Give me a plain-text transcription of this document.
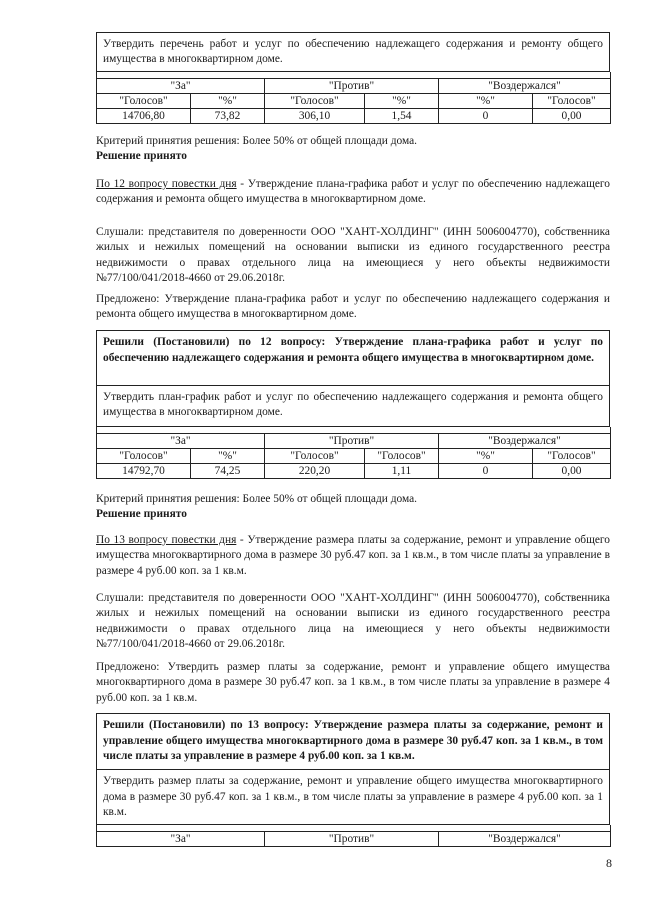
Утвердить перечень работ и услуг по обеспечению надлежащего содержания и ремонту общего имущества в многоквартирном доме.

"За"		"Против"		"Воздержался"	
"Голосов"	"%"	"Голосов"	"%"	"%"	"Голосов"
14706,80	73,82	306,10	1,54	0	0,00

Критерий принятия решения: Более 50% от общей площади дома.

Решение принято

По 12 вопросу повестки дня - Утверждение плана-графика работ и услуг по обеспечению надлежащего содержания и ремонта общего имущества в многоквартирном доме.

Слушали: представителя по доверенности ООО "ХАНТ-ХОЛДИНГ" (ИНН 5006004770), собственника жилых и нежилых помещений на основании выписки из единого государственного реестра недвижимости о правах отдельного лица на имеющиеся у него объекты недвижимости №77/100/041/2018-4660 от 29.06.2018г.

Предложено: Утверждение плана-графика работ и услуг по обеспечению надлежащего содержания и ремонта общего имущества в многоквартирном доме.

Решили (Постановили) по 12 вопросу: Утверждение плана-графика работ и услуг по обеспечению надлежащего содержания и ремонта общего имущества в многоквартирном доме.
Утвердить план-график работ и услуг по обеспечению надлежащего содержания и ремонта общего имущества в многоквартирном доме.

"За"		"Против"		"Воздержался"	
"Голосов"	"%"	"Голосов"	"Голосов"	"%"	"Голосов"
14792,70	74,25	220,20	1,11	0	0,00

Критерий принятия решения: Более 50% от общей площади дома.

Решение принято

По 13 вопросу повестки дня - Утверждение размера платы за содержание, ремонт и управление общего имущества многоквартирного дома в размере 30 руб.47 коп. за 1 кв.м., в том числе платы за управление в размере 4 руб.00 коп. за 1 кв.м.

Слушали: представителя по доверенности ООО "ХАНТ-ХОЛДИНГ" (ИНН 5006004770), собственника жилых и нежилых помещений на основании выписки из единого государственного реестра недвижимости о правах отдельного лица на имеющиеся у него объекты недвижимости №77/100/041/2018-4660 от 29.06.2018г.

Предложено: Утвердить размер платы за содержание, ремонт и управление общего имущества многоквартирного дома в размере 30 руб.47 коп. за 1 кв.м., в том числе платы за управление в размере 4 руб.00 коп. за 1 кв.м.

Решили (Постановили) по 13 вопросу: Утверждение размера платы за содержание, ремонт и управление общего имущества многоквартирного дома в размере 30 руб.47 коп. за 1 кв.м., в том числе платы за управление в размере 4 руб.00 коп. за 1 кв.м.
Утвердить размер платы за содержание, ремонт и управление общего имущества многоквартирного дома в размере 30 руб.47 коп. за 1 кв.м., в том числе платы за управление в размере 4 руб.00 коп. за 1 кв.м.

"За"	"Против"	"Воздержался"
8
